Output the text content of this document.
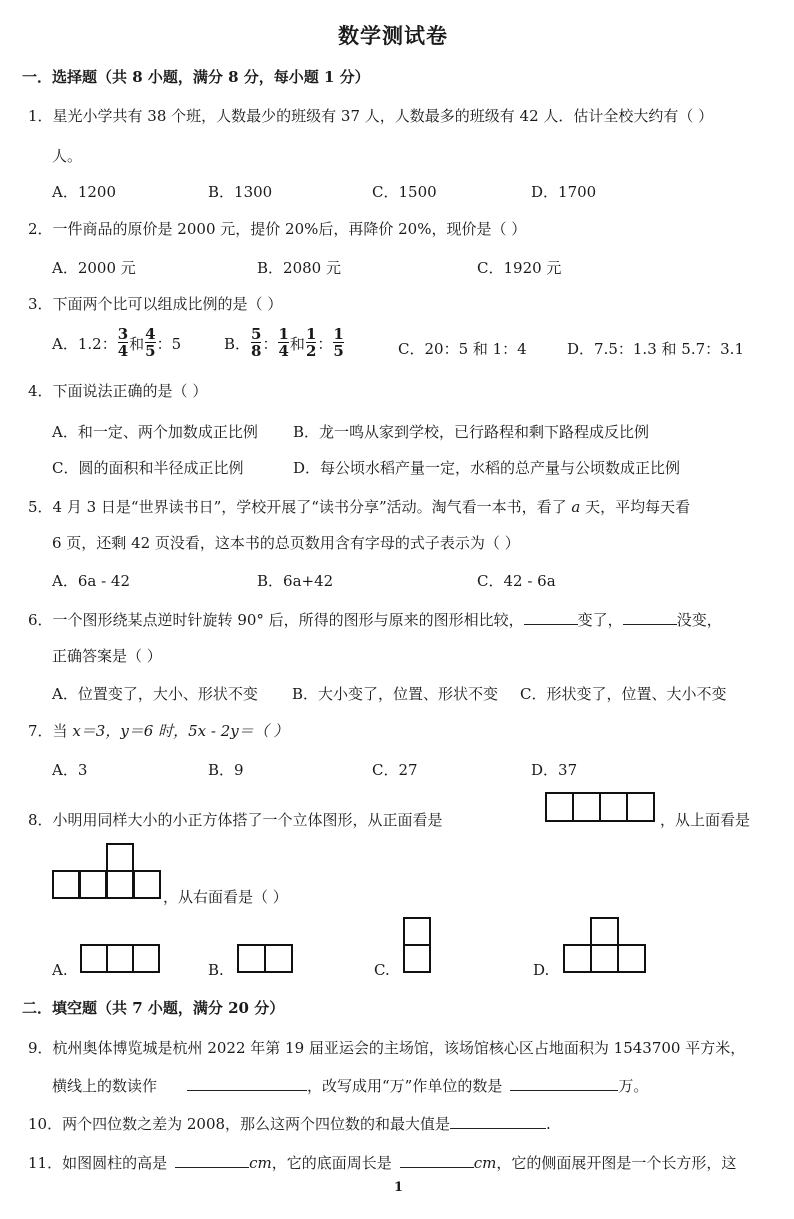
数学测试卷
一．选择题（共 8 小题，满分 8 分，每小题 1 分）
1．星光小学共有 38 个班，人数最少的班级有 37 人，人数最多的班级有 42 人．估计全校大约有（ ）
人。
A．1200	B．1300	C．1500	D．1700
2．一件商品的原价是 2000 元，提价 20%后，再降价 20%，现价是（ ）
A．2000 元	B．2080 元	C．1920 元
3．下面两个比可以组成比例的是（ ）
A．1.2： $\frac{3}{4}$ 和 $\frac{4}{5}$ ：5	B． $\frac{5}{8}$ ： $\frac{1}{4}$ 和 $\frac{1}{2}$ ： $\frac{1}{5}$	C．20：5 和 1：4	D．7.5：1.3 和 5.7：3.1
4．下面说法正确的是（ ）
A．和一定、两个加数成正比例 B．龙一鸣从家到学校，已行路程和剩下路程成反比例
C．圆的面积和半径成正比例	D．每公顷水稻产量一定，水稻的总产量与公顷数成正比例
5．4 月 3 日是“世界读书日”，学校开展了“读书分享”活动。淘气看一本书，看了 a 天，平均每天看
6 页，还剩 42 页没看，这本书的总页数用含有字母的式子表示为（ ）
A．6a - 42	B．6a+42	C．42 - 6a
6．一个图形绕某点逆时针旋转 90° 后，所得的图形与原来的图形相比较，	变了，	没变，
正确答案是（ ）
A．位置变了，大小、形状不变 B．大小变了，位置、形状不变 C．形状变了，位置、大小不变
7．当 x＝3，y＝6 时，5x - 2y＝（ ）
A．3	B．9	C．27	D．37
8．小明用同样大小的小正方体搭了一个立体图形，从正面看是	，从上面看是
，从右面看是（ ）
A.	B.	C.	D.
二．填空题（共 7 小题，满分 20 分）
9．杭州奥体博览城是杭州 2022 年第 19 届亚运会的主场馆，该场馆核心区占地面积为 1543700 平方米，
横线上的数读作	，改写成用“万”作单位的数是	万。
10．两个四位数之差为 2008，那么这两个四位数的和最大值是	.
11．如图圆柱的高是	cm，它的底面周长是	cm，它的侧面展开图是一个长方形，这
1
